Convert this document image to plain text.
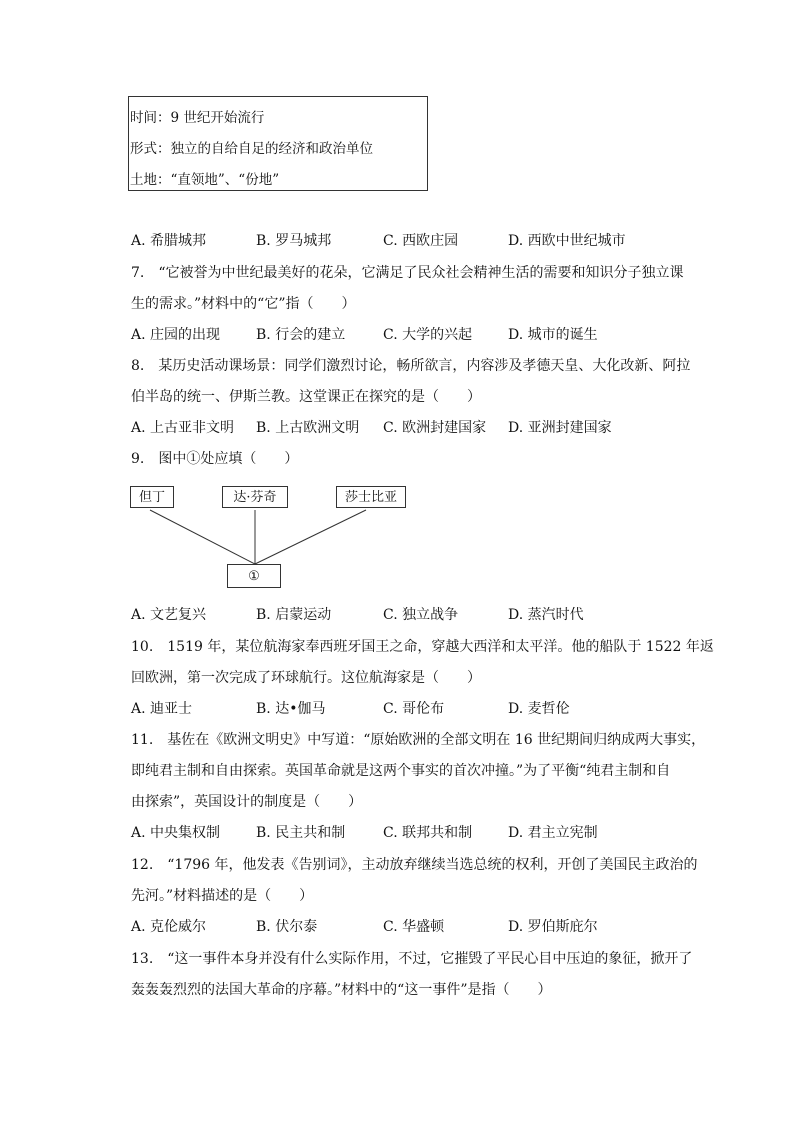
时间：9 世纪开始流行
形式：独立的自给自足的经济和政治单位
土地：“直领地”、“份地”
A. 希腊城邦	B. 罗马城邦	C. 西欧庄园	D. 西欧中世纪城市
7.　“它被誉为中世纪最美好的花朵，它满足了民众社会精神生活的需要和知识分子独立课
生的需求。”材料中的“它”指（　　）
A. 庄园的出现	B. 行会的建立	C. 大学的兴起	D. 城市的诞生
8.　某历史活动课场景：同学们激烈讨论，畅所欲言，内容涉及孝德天皇、大化改新、阿拉
伯半岛的统一、伊斯兰教。这堂课正在探究的是（　　）
A. 上古亚非文明 B. 上古欧洲文明 C. 欧洲封建国家 D. 亚洲封建国家
9.　图中①处应填（　　）
但丁	达·芬奇	莎士比亚
①
A. 文艺复兴	B. 启蒙运动	C. 独立战争	D. 蒸汽时代
10.　1519 年，某位航海家奉西班牙国王之命，穿越大西洋和太平洋。他的船队于 1522 年返
回欧洲，第一次完成了环球航行。这位航海家是（　　）
A. 迪亚士	B. 达•伽马	C. 哥伦布	D. 麦哲伦
11.　基佐在《欧洲文明史》中写道：“原始欧洲的全部文明在 16 世纪期间归纳成两大事实，
即纯君主制和自由探索。英国革命就是这两个事实的首次冲撞。”为了平衡“纯君主制和自
由探索”，英国设计的制度是（　　）
A. 中央集权制	B. 民主共和制	C. 联邦共和制	D. 君主立宪制
12.　“1796 年，他发表《告别词》，主动放弃继续当选总统的权利，开创了美国民主政治的
先河。”材料描述的是（　　）
A. 克伦威尔	B. 伏尔泰	C. 华盛顿	D. 罗伯斯庇尔
13.　“这一事件本身并没有什么实际作用，不过，它摧毁了平民心目中压迫的象征，掀开了
轰轰轰烈烈的法国大革命的序幕。”材料中的“这一事件”是指（　　）
